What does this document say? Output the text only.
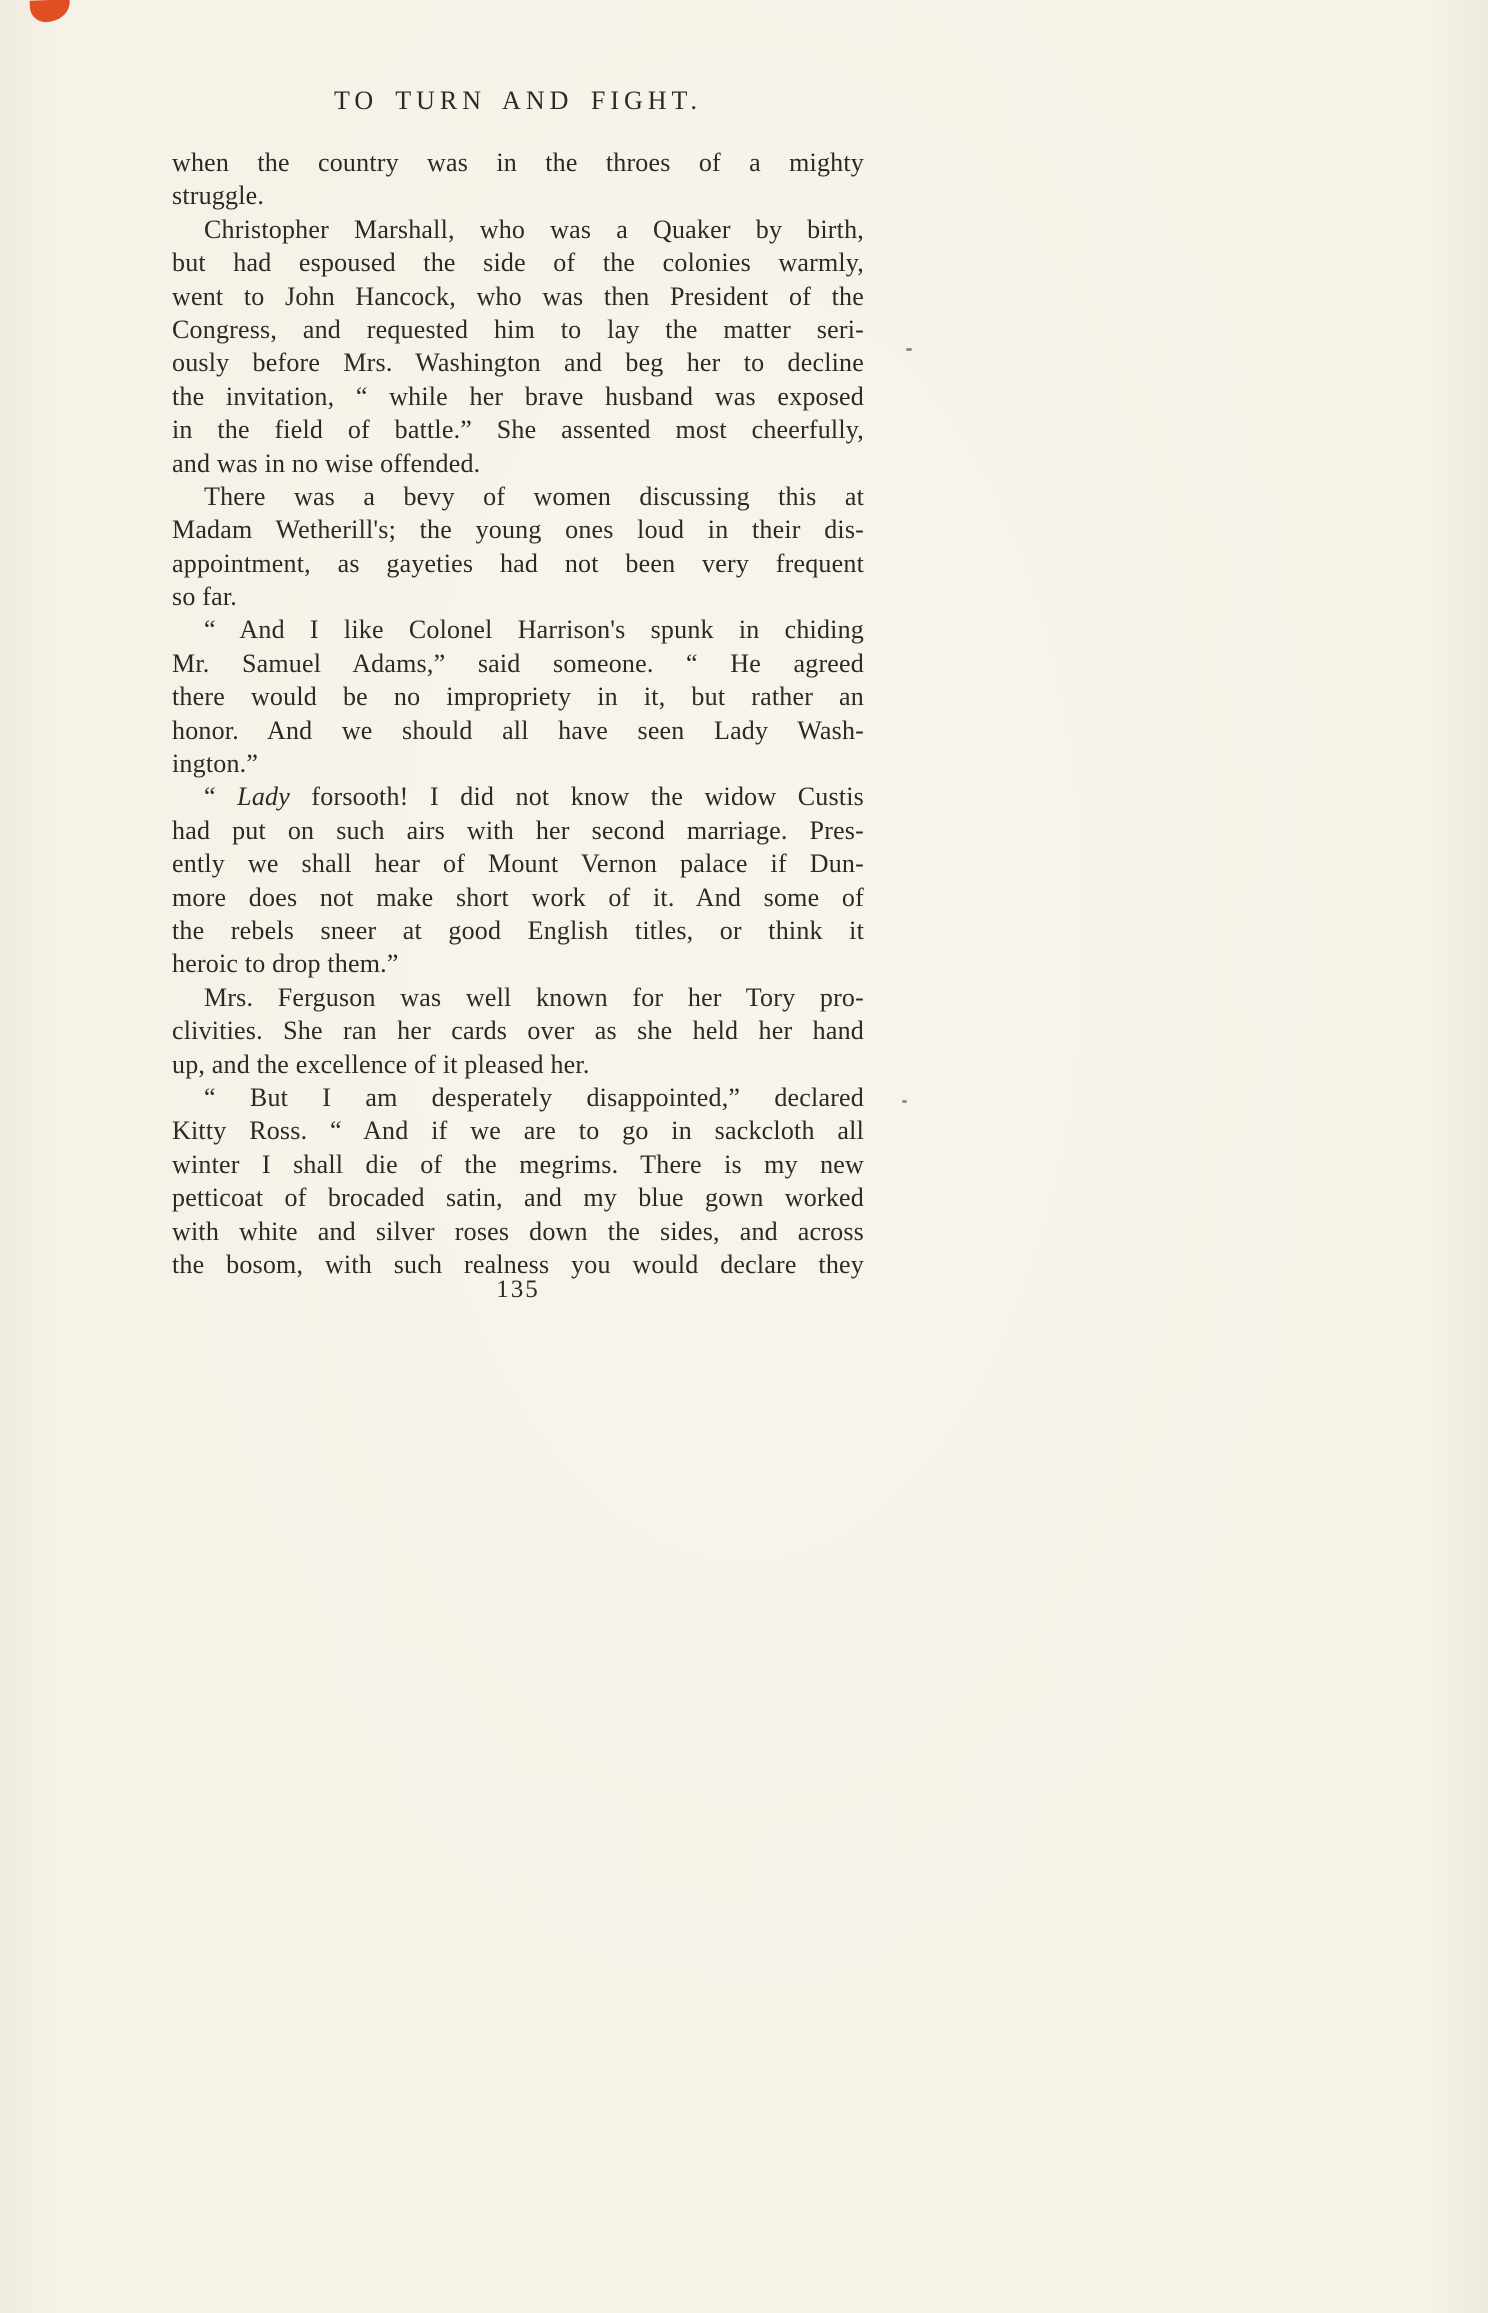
TO TURN AND FIGHT.
when the country was in the throes of a mighty
struggle.
Christopher Marshall, who was a Quaker by birth,
but had espoused the side of the colonies warmly,
went to John Hancock, who was then President of the
Congress, and requested him to lay the matter seri-
ously before Mrs. Washington and beg her to decline
the invitation, “ while her brave husband was exposed
in the field of battle.” She assented most cheerfully,
and was in no wise offended.
There was a bevy of women discussing this at
Madam Wetherill's; the young ones loud in their dis-
appointment, as gayeties had not been very frequent
so far.
“ And I like Colonel Harrison's spunk in chiding
Mr. Samuel Adams,” said someone. “ He agreed
there would be no impropriety in it, but rather an
honor. And we should all have seen Lady Wash-
ington.”
“ Lady forsooth! I did not know the widow Custis
had put on such airs with her second marriage. Pres-
ently we shall hear of Mount Vernon palace if Dun-
more does not make short work of it. And some of
the rebels sneer at good English titles, or think it
heroic to drop them.”
Mrs. Ferguson was well known for her Tory pro-
clivities. She ran her cards over as she held her hand
up, and the excellence of it pleased her.
“ But I am desperately disappointed,” declared
Kitty Ross. “ And if we are to go in sackcloth all
winter I shall die of the megrims. There is my new
petticoat of brocaded satin, and my blue gown worked
with white and silver roses down the sides, and across
the bosom, with such realness you would declare they
135
